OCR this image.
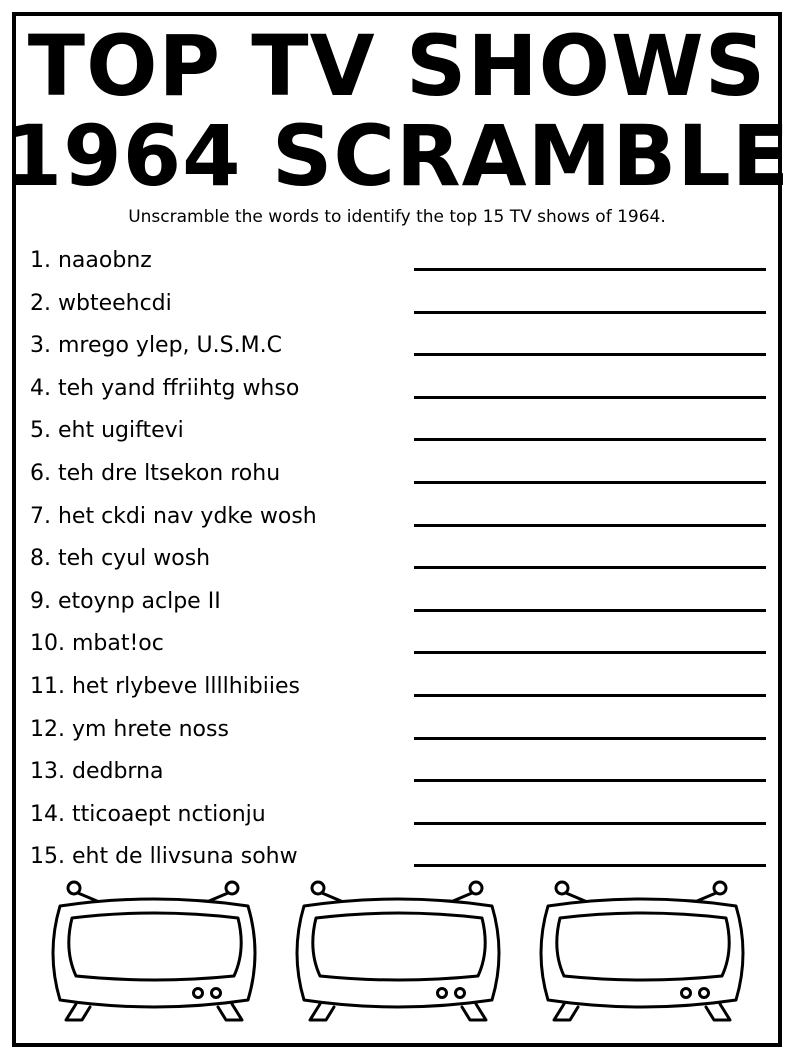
TOP TV SHOWS
1964 SCRAMBLE

Unscramble the words to identify the top 15 TV shows of 1964.

1. naaobnz
2. wbteehcdi
3. mrego ylep, U.S.M.C
4. teh yand ffriihtg whso
5. eht ugiftevi
6. teh dre ltsekon rohu
7. het ckdi nav ydke wosh
8. teh cyul wosh
9. etoynp aclpe II
10. mbat!oc
11. het rlybeve llllhibiies
12. ym hrete noss
13. dedbrna
14. tticoaept nctionju
15. eht de llivsuna sohw
